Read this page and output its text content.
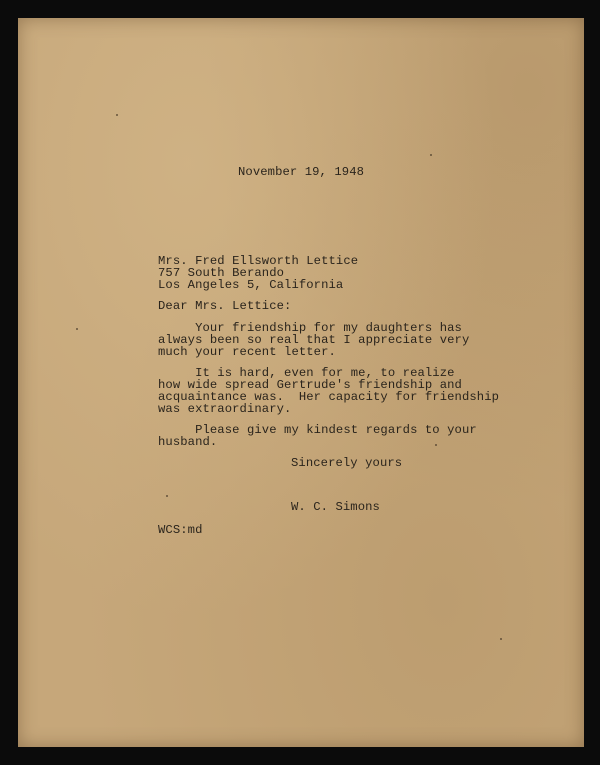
November 19, 1948

Mrs. Fred Ellsworth Lettice

757 South Berando

Los Angeles 5, California

Dear Mrs. Lettice:

Your friendship for my daughters has

always been so real that I appreciate very

much your recent letter.

It is hard, even for me, to realize

how wide spread Gertrude's friendship and

acquaintance was.  Her capacity for friendship

was extraordinary.

Please give my kindest regards to your

husband.

Sincerely yours

W. C. Simons

WCS:md
